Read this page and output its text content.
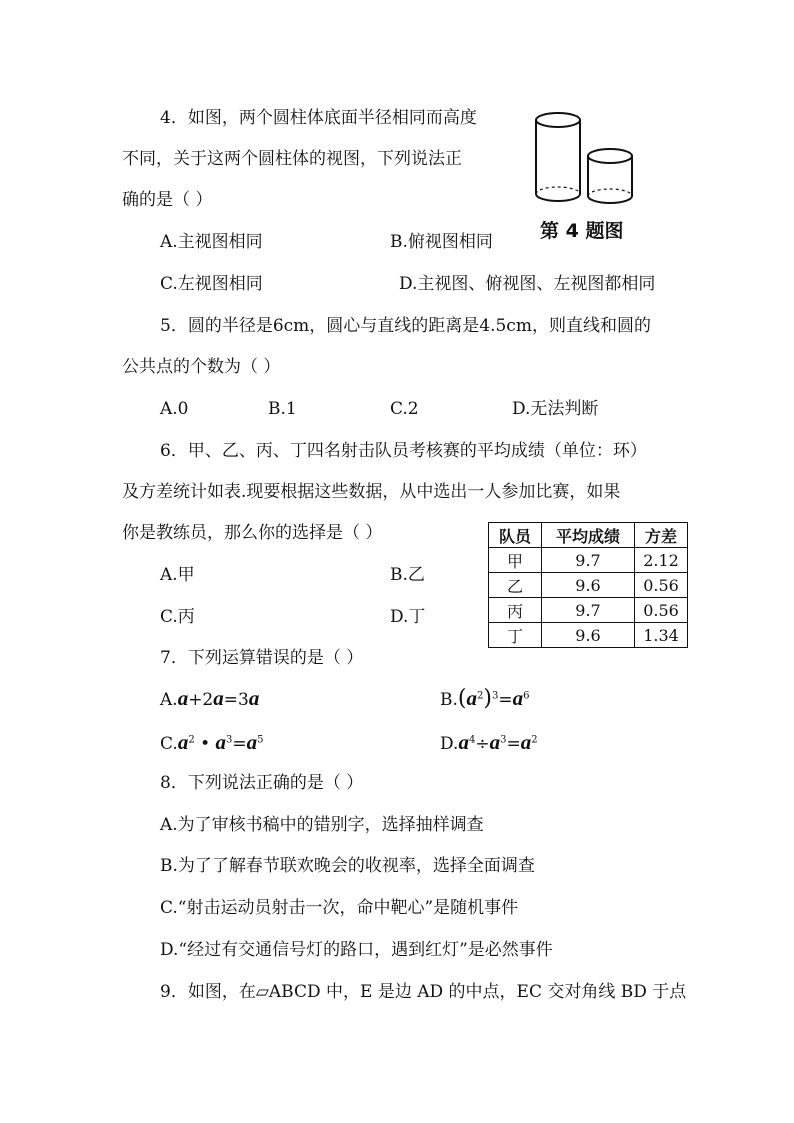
4．如图，两个圆柱体底面半径相同而高度
不同，关于这两个圆柱体的视图，下列说法正
确的是（ ）
第 4 题图
A.主视图相同	B.俯视图相同
C.左视图相同	D.主视图、俯视图、左视图都相同
5．圆的半径是6cm，圆心与直线的距离是4.5cm，则直线和圆的
公共点的个数为（ ）
A.0	B.1	C.2	D.无法判断
6．甲、乙、丙、丁四名射击队员考核赛的平均成绩（单位：环）
及方差统计如表.现要根据这些数据，从中选出一人参加比赛，如果
你是教练员，那么你的选择是（ ）
A.甲	B.乙
C.丙	D.丁
队员	平均成绩	方差
甲	9.7	2.12
乙	9.6	0.56
丙	9.7	0.56
丁	9.6	1.34
7．下列运算错误的是（ ）
A.a+2a=3a	$B.(a^2)^3=a^6$
$C.a^2$ • $a^3=a^5$	$D.a^4\div a^3=a^2$
8．下列说法正确的是（ ）
A.为了审核书稿中的错别字，选择抽样调查
B.为了了解春节联欢晚会的收视率，选择全面调查
C.“射击运动员射击一次，命中靶心”是随机事件
D.“经过有交通信号灯的路口，遇到红灯”是必然事件
9．如图，在▱ABCD 中，E 是边 AD 的中点，EC 交对角线 BD 于点
